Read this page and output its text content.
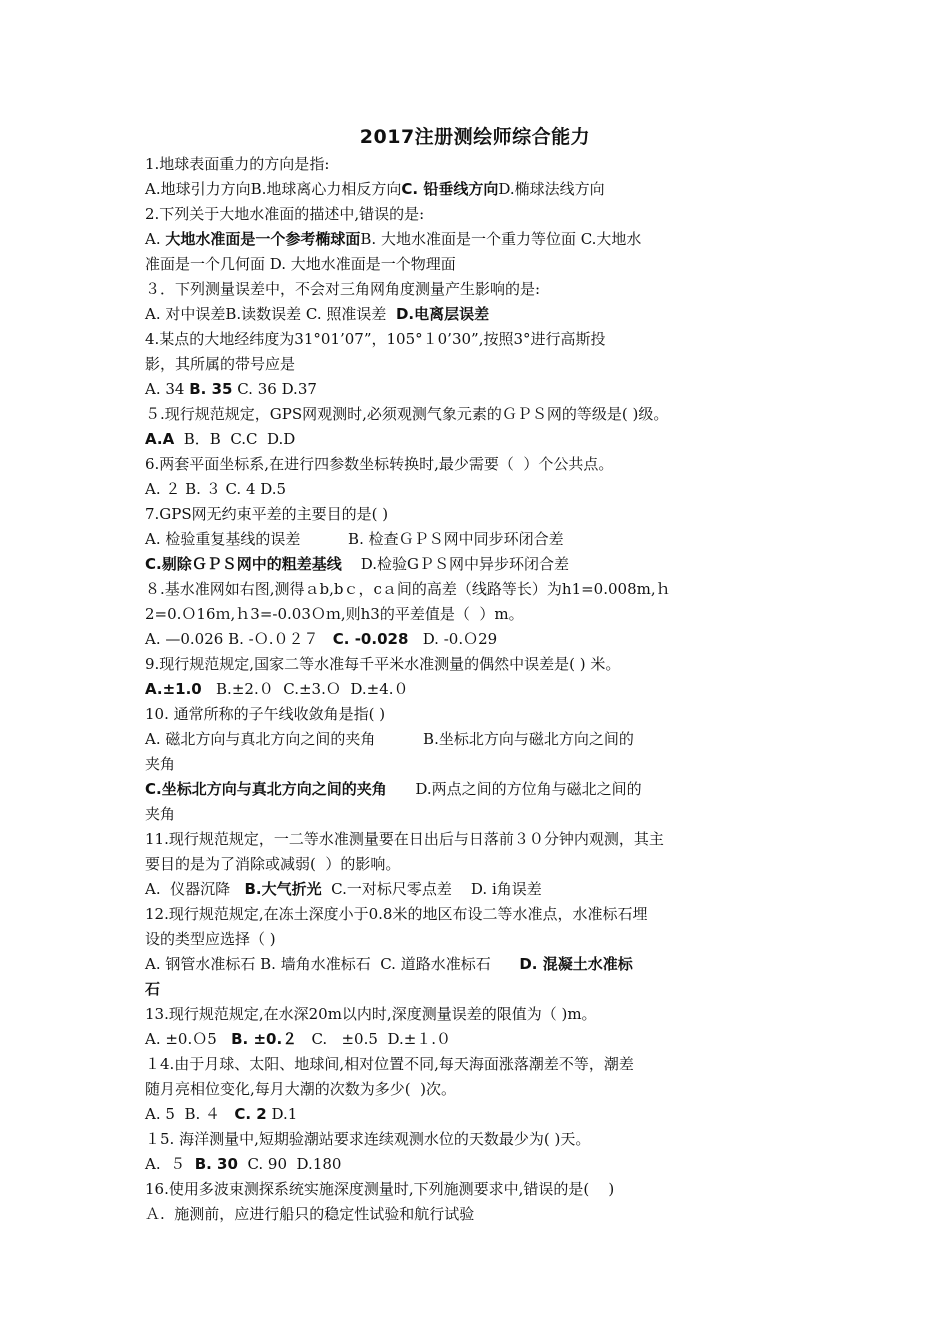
2017注册测绘师综合能力
1.地球表面重力的方向是指:
A.地球引力方向B.地球离心力相反方向C. 铅垂线方向D.椭球法线方向
2.下列关于大地水准面的描述中,错误的是:
A. 大地水准面是一个参考椭球面B. 大地水准面是一个重力等位面 C.大地水
准面是一个几何面 D. 大地水准面是一个物理面
３．下列测量误差中，不会对三角网角度测量产生影响的是:
A. 对中误差B.读数误差 C. 照准误差  D.电离层误差
4.某点的大地经纬度为31°01’07”，105°１0’30”,按照3°进行高斯投
影，其所属的带号应是
A. 34 B. 35 C. 36 D.37
５.现行规范规定，GPS网观测时,必须观测气象元素的ＧＰＳ网的等级是( )级。
A.A  B．B  C.C  D.D
6.两套平面坐标系,在进行四参数坐标转换时,最少需要（  ）个公共点。
A. ２ B. ３ C. 4 D.5
7.GPS网无约束平差的主要目的是( )
A. 检验重复基线的误差          B. 检查ＧＰＳ网中同步环闭合差
C.剔除ＧＰＳ网中的粗差基线    D.检验GＰＳ网中异步环闭合差
８.基水准网如右图,测得ａb,bｃ，cａ间的高差（线路等长）为h1=0.008m,ｈ
2=0.Ｏ16ｍ,ｈ3=-0.03Ｏｍ,则h3的平差值是（  ）m。
A. —0.026 B. -Ｏ.０２７   C. -0.028   D. -0.Ｏ29
9.现行规范规定,国家二等水准每千平米水准测量的偶然中误差是( ) 米。
A.±1.0   B.±2.０  C.±3.Ｏ  D.±4.０
10. 通常所称的子午线收敛角是指( )
A. 磁北方向与真北方向之间的夹角          B.坐标北方向与磁北方向之间的
夹角
C.坐标北方向与真北方向之间的夹角      D.两点之间的方位角与磁北之间的
夹角
11.现行规范规定，一二等水准测量要在日出后与日落前３０分钟内观测，其主
要目的是为了消除或减弱(  ）的影响。
A.  仪器沉降   B.大气折光  C.一对标尺零点差    D. i角误差
12.现行规范规定,在冻土深度小于0.8米的地区布设二等水准点，水准标石埋
设的类型应选择（ )
A. 钢管水准标石 B. 墙角水准标石  C. 道路水准标石      D. 混凝土水准标
石
13.现行规范规定,在水深20m以内时,深度测量误差的限值为（ )m。
A. ±0.Ｏ5   B. ±0.２   C.   ±0.5  D.±１.０
１4.由于月球、太阳、地球间,相对位置不同,每天海面涨落潮差不等，潮差
随月亮相位变化,每月大潮的次数为多少(  )次。
A. 5  B. ４   C. 2 D.1
１5. 海洋测量中,短期验潮站要求连续观测水位的天数最少为( )天。
A.  ５  B. 30  C. 90  D.180
16.使用多波束测探系统实施深度测量时,下列施测要求中,错误的是(    )
Ａ.  施测前，应进行船只的稳定性试验和航行试验
